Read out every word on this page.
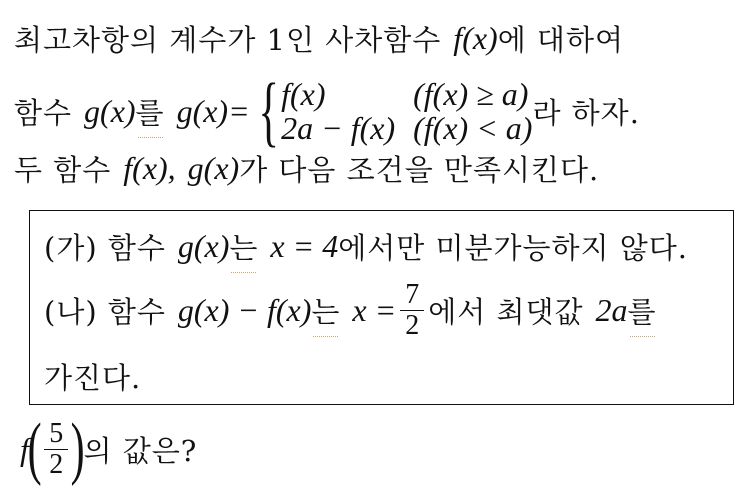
최고차항의 계수가 1인 사차함수 f(x) 에 대하여
함수 g(x) 를 g(x)= { f(x)	(f(x) ≥ a)
2a − f(x) (f(x) < a) 라 하자.
두 함수 f(x), g(x) 가 다음 조건을 만족시킨다.
(가) 함수 g(x) 는 x = 4 에서만 미분가능하지 않다.
(나) 함수 g(x) − f(x) 는 $x = \frac{7}{2}$ 에서 최댓값 2a 를
가진다.
f
( $\frac{5}{2}$ )
의 값은?
